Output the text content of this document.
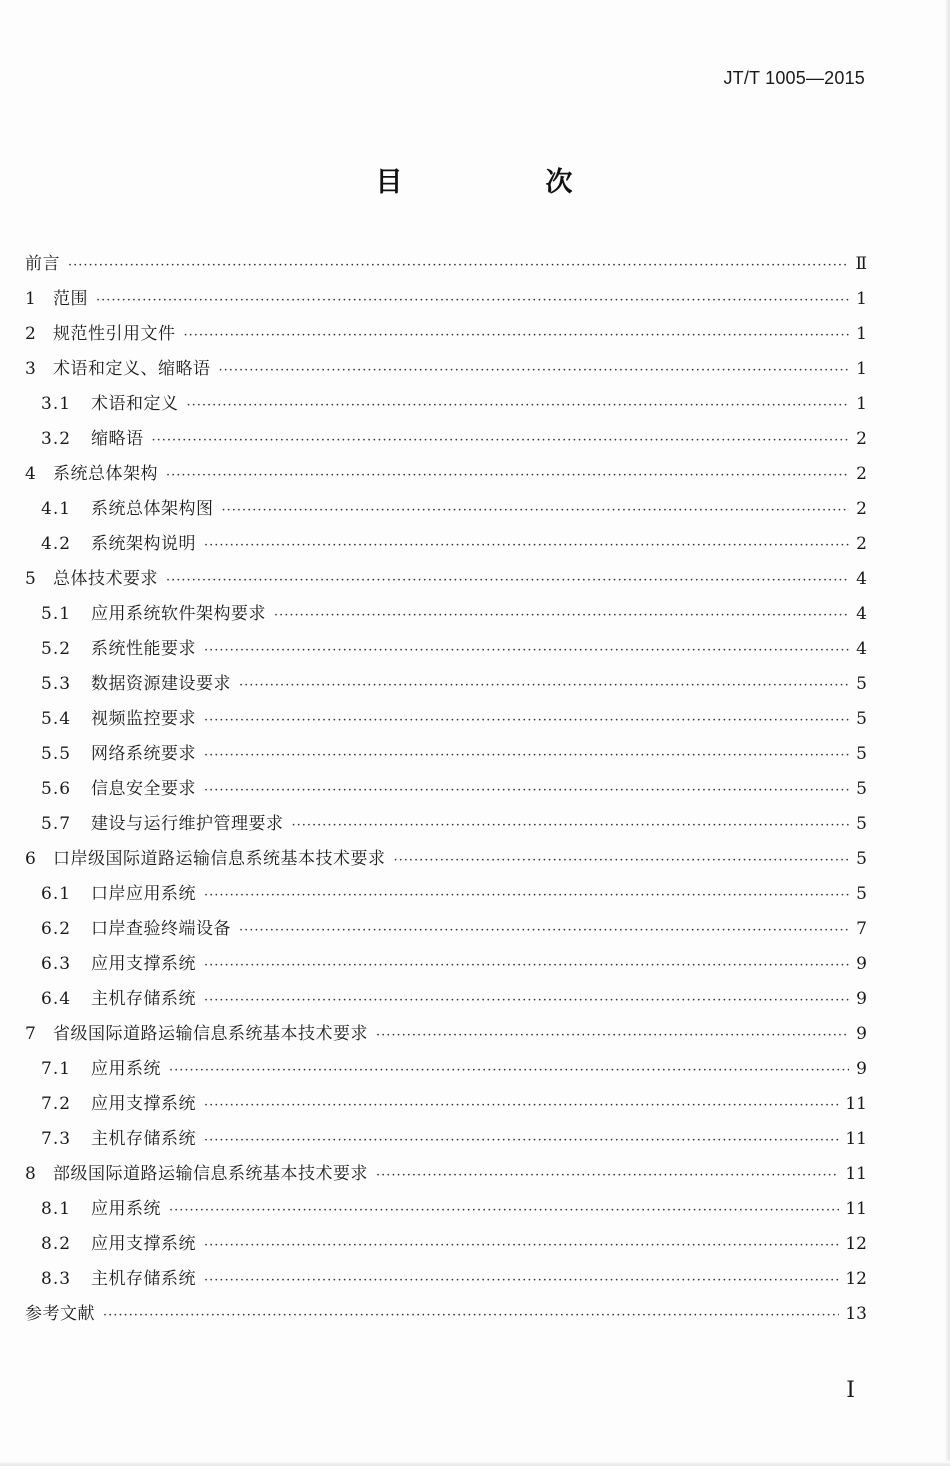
JT/T 1005—2015
目　次
前言 ·····	Ⅱ
1	范围 ·····	1
2	规范性引用文件 ·····	1
3	术语和定义、缩略语 ·····	1
3.1	术语和定义 ·····	1
3.2	缩略语 ·····	2
4	系统总体架构 ·····	2
4.1	系统总体架构图 ·····	2
4.2	系统架构说明 ·····	2
5	总体技术要求 ·····	4
5.1	应用系统软件架构要求 ·····	4
5.2	系统性能要求 ·····	4
5.3	数据资源建设要求 ·····	5
5.4	视频监控要求 ·····	5
5.5	网络系统要求 ·····	5
5.6	信息安全要求 ·····	5
5.7	建设与运行维护管理要求 ·····	5
6	口岸级国际道路运输信息系统基本技术要求 ·····	5
6.1	口岸应用系统 ·····	5
6.2	口岸查验终端设备 ·····	7
6.3	应用支撑系统 ·····	9
6.4	主机存储系统 ·····	9
7	省级国际道路运输信息系统基本技术要求 ·····	9
7.1	应用系统 ·····	9
7.2	应用支撑系统 ·····	11
7.3	主机存储系统 ·····	11
8	部级国际道路运输信息系统基本技术要求 ·····	11
8.1	应用系统 ·····	11
8.2	应用支撑系统 ·····	12
8.3	主机存储系统 ·····	12
参考文献 ·····	13
Ⅰ
